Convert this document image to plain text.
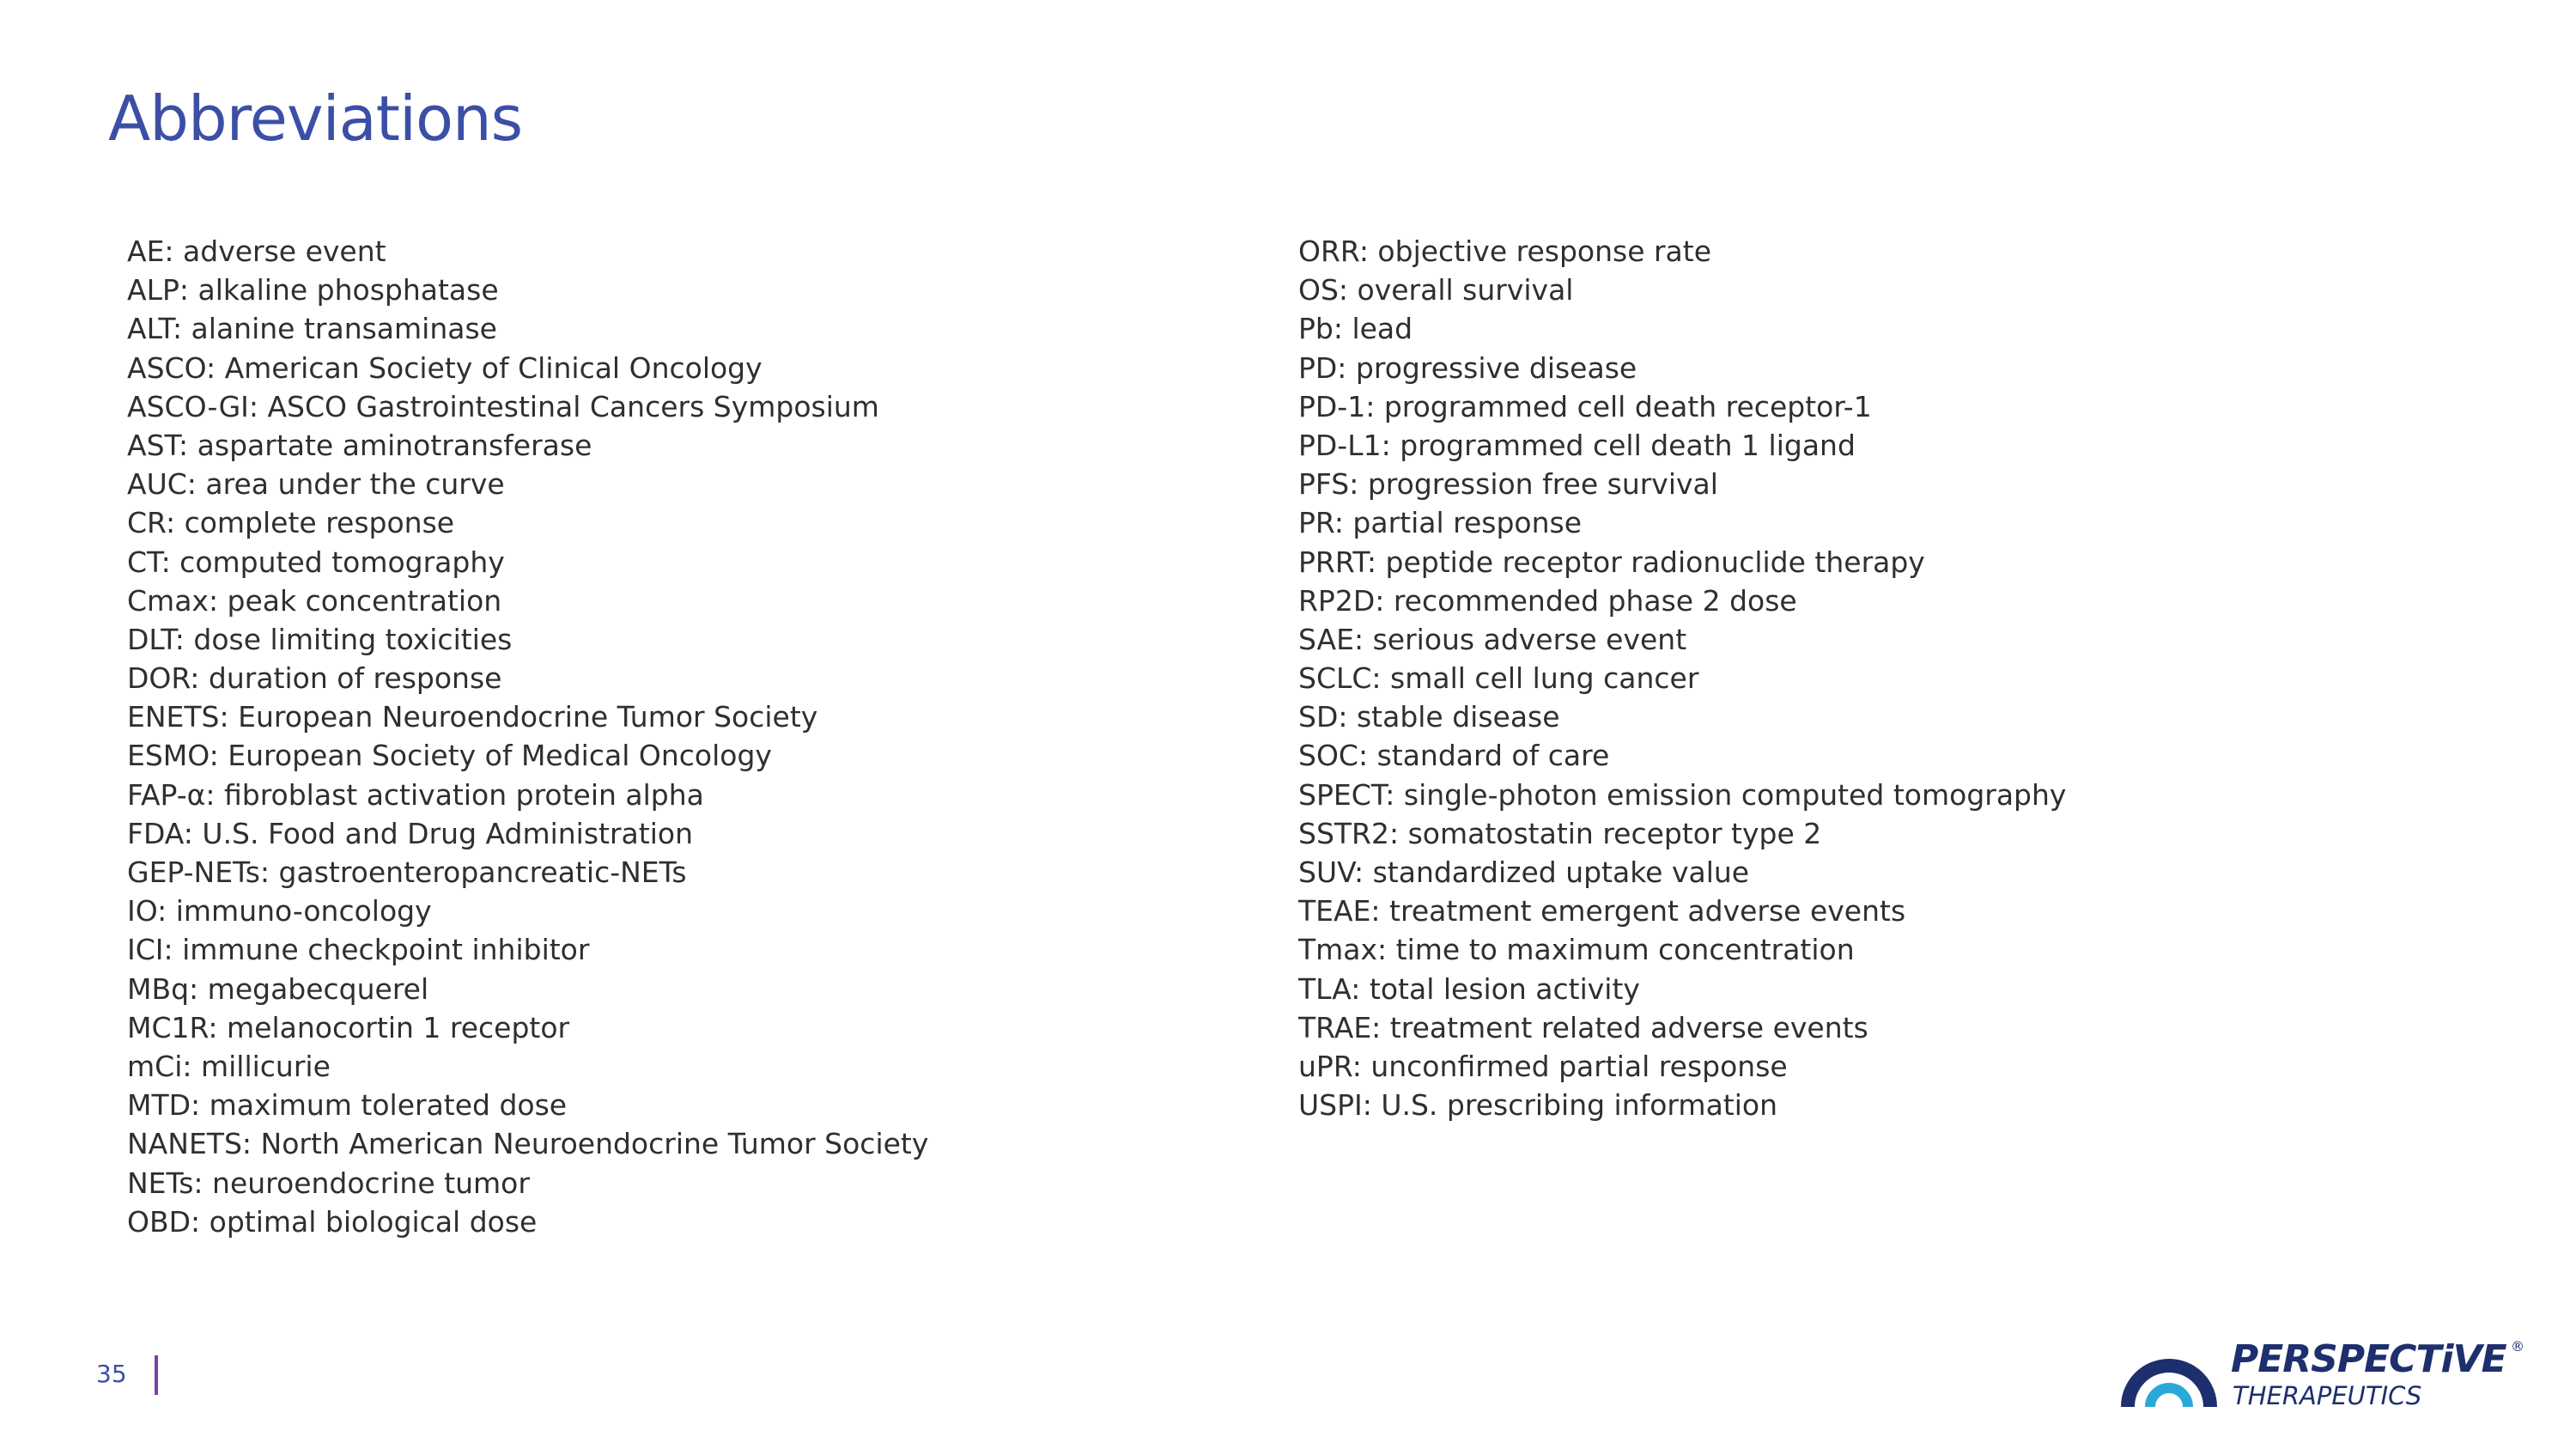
Abbreviations
AE: adverse event
ALP: alkaline phosphatase
ALT: alanine transaminase
ASCO: American Society of Clinical Oncology
ASCO-GI: ASCO Gastrointestinal Cancers Symposium
AST: aspartate aminotransferase
AUC: area under the curve
CR: complete response
CT: computed tomography
Cmax: peak concentration
DLT: dose limiting toxicities
DOR: duration of response
ENETS: European Neuroendocrine Tumor Society
ESMO: European Society of Medical Oncology
FAP-α: fibroblast activation protein alpha
FDA: U.S. Food and Drug Administration
GEP-NETs: gastroenteropancreatic-NETs
IO: immuno-oncology
ICI: immune checkpoint inhibitor
MBq: megabecquerel
MC1R: melanocortin 1 receptor
mCi: millicurie
MTD: maximum tolerated dose
NANETS: North American Neuroendocrine Tumor Society
NETs: neuroendocrine tumor
OBD: optimal biological dose
ORR: objective response rate
OS: overall survival
Pb: lead
PD: progressive disease
PD-1: programmed cell death receptor-1
PD-L1: programmed cell death 1 ligand
PFS: progression free survival
PR: partial response
PRRT: peptide receptor radionuclide therapy
RP2D: recommended phase 2 dose
SAE: serious adverse event
SCLC: small cell lung cancer
SD: stable disease
SOC: standard of care
SPECT: single-photon emission computed tomography
SSTR2: somatostatin receptor type 2
SUV: standardized uptake value
TEAE: treatment emergent adverse events
Tmax: time to maximum concentration
TLA: total lesion activity
TRAE: treatment related adverse events
uPR: unconfirmed partial response
USPI: U.S. prescribing information
35	PERSPECTiVE ®
THERAPEUTICS
